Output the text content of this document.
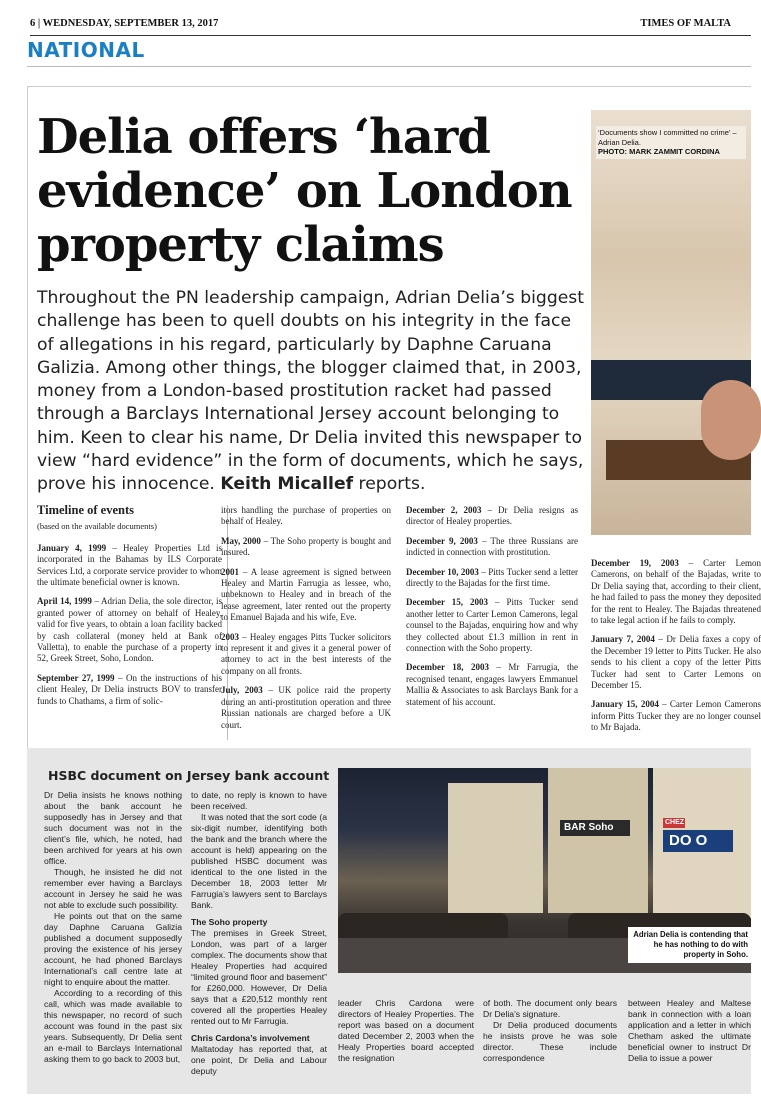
6 | WEDNESDAY, SEPTEMBER 13, 2017	TIMES OF MALTA
NATIONAL
‘Documents show I committed no crime’ – Adrian Delia.
PHOTO: MARK ZAMMIT CORDINA
Delia offers ‘hard evidence’ on London property claims
Throughout the PN leadership campaign, Adrian Delia’s biggest challenge has been to quell doubts on his integrity in the face of allegations in his regard, particularly by Daphne Caruana Galizia. Among other things, the blogger claimed that, in 2003, money from a London-based prostitution racket had passed through a Barclays International Jersey account belonging to him. Keen to clear his name, Dr Delia invited this newspaper to view “hard evidence” in the form of documents, which he says, prove his innocence. Keith Micallef reports.
Timeline of events
(based on the available documents)

January 4, 1999 – Healey Properties Ltd is incorporated in the Bahamas by ILS Corporate Services Ltd, a corporate service provider to whom the ultimate beneficial owner is known.

April 14, 1999 – Adrian Delia, the sole director, is granted power of attorney on behalf of Healey, valid for five years, to obtain a loan facility backed by cash collateral (money held at Bank of Valletta), to enable the purchase of a property in 52, Greek Street, Soho, London.

September 27, 1999 – On the instructions of his client Healey, Dr Delia instructs BOV to transfer funds to Chathams, a firm of solic-

itors handling the purchase of properties on behalf of Healey.

May, 2000 – The Soho property is bought and insured.

2001 – A lease agreement is signed between Healey and Martin Farrugia as lessee, who, unbeknown to Healey and in breach of the lease agreement, later rented out the property to Emanuel Bajada and his wife, Eve.

2003 – Healey engages Pitts Tucker solicitors to represent it and gives it a general power of attorney to act in the best interests of the company on all fronts.

July, 2003 – UK police raid the property during an anti-prostitution operation and three Russian nationals are charged before a UK court.

December 2, 2003 – Dr Delia resigns as director of Healey properties.

December 9, 2003 – The three Russians are indicted in connection with prostitution.

December 10, 2003 – Pitts Tucker send a letter directly to the Bajadas for the first time.

December 15, 2003 – Pitts Tucker send another letter to Carter Lemon Camerons, legal counsel to the Bajadas, enquiring how and why they collected about £1.3 million in rent in connection with the Soho property.

December 18, 2003 – Mr Farrugia, the recognised tenant, engages lawyers Emmanuel Mallia & Associates to ask Barclays Bank for a statement of his account.

December 19, 2003 – Carter Lemon Camerons, on behalf of the Bajadas, write to Dr Delia saying that, according to their client, he had failed to pass the money they deposited for the rent to Healey. The Bajadas threatened to take legal action if he fails to comply.

January 7, 2004 – Dr Delia faxes a copy of the December 19 letter to Pitts Tucker. He also sends to his client a copy of the letter Pitts Tucker had sent to Carter Lemons on December 15.

January 15, 2004 – Carter Lemon Camerons inform Pitts Tucker they are no longer counsel to Mr Bajada.

HSBC document on Jersey bank account

Dr Delia insists he knows nothing about the bank account he supposedly has in Jersey and that such document was not in the client’s file, which, he noted, had been archived for years at his own office.

Though, he insisted he did not remember ever having a Barclays account in Jersey he said he was not able to exclude such possibility.

He points out that on the same day Daphne Caruana Galizia published a document supposedly proving the existence of his jersey account, he had phoned Barclays International’s call centre late at night to enquire about the matter.

According to a recording of this call, which was made available to this newspaper, no record of such account was found in the past six years. Subsequently, Dr Delia sent an e-mail to Barclays International asking them to go back to 2003 but,

to date, no reply is known to have been received.

It was noted that the sort code (a six-digit number, identifying both the bank and the branch where the account is held) appearing on the published HSBC document was identical to the one listed in the December 18, 2003 letter Mr Farrugia’s lawyers sent to Barclays Bank.

The Soho property

The premises in Greek Street, London, was part of a larger complex. The documents show that Healey Properties had acquired “limited ground floor and basement” for £260,000. However, Dr Delia says that a £20,512 monthly rent covered all the properties Healey rented out to Mr Farrugia.

Chris Cardona’s involvement

Maltatoday has reported that, at one point, Dr Delia and Labour deputy

BAR Soho	CHEZ
DO O
Adrian Delia is contending that he has nothing to do with property in Soho.

leader Chris Cardona were directors of Healey Properties. The report was based on a document dated December 2, 2003 when the Healy Properties board accepted the resignation

of both. The document only bears Dr Delia’s signature.

Dr Delia produced documents he insists prove he was sole director. These include correspondence

between Healey and Maltese bank in connection with a loan application and a letter in which Chetham asked the ultimate beneficial owner to instruct Dr Delia to issue a power
